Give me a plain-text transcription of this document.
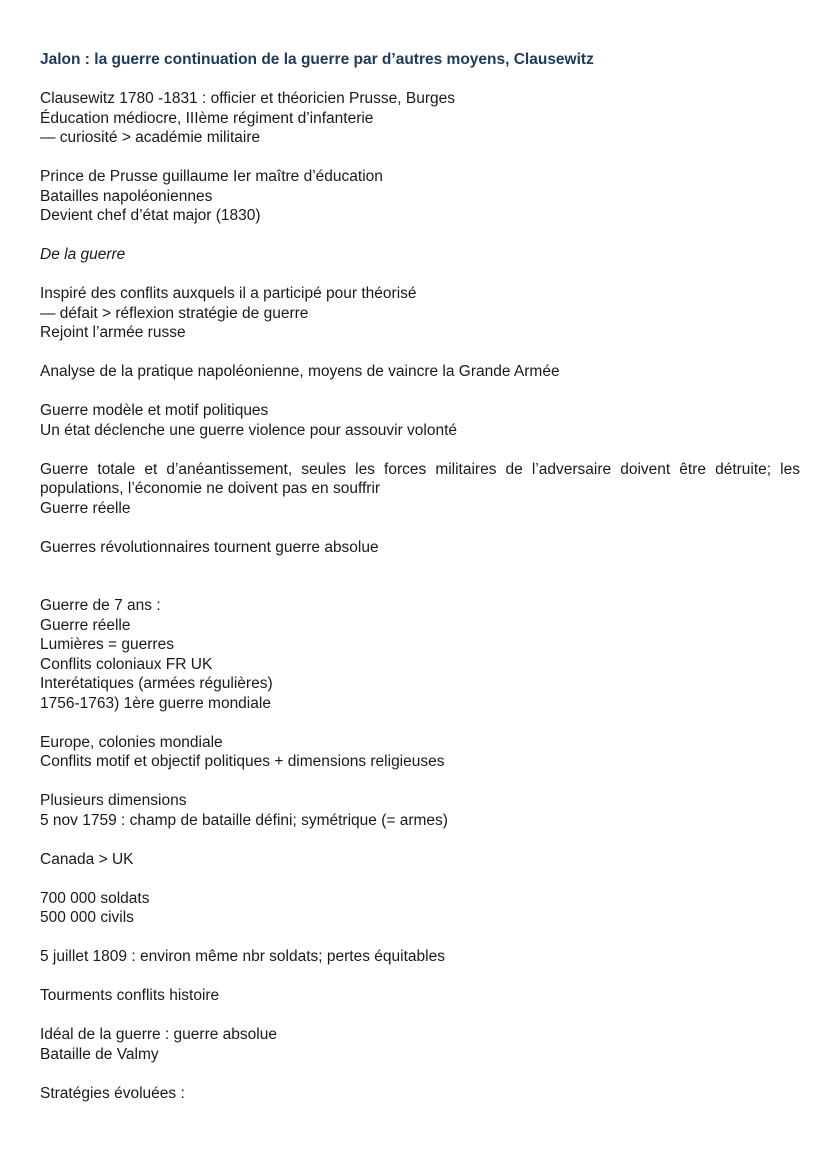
Jalon : la guerre continuation de la guerre par d’autres moyens, Clausewitz
Clausewitz 1780 -1831 : officier et théoricien Prusse, Burges
Éducation médiocre, IIIème régiment d’infanterie
— curiosité > académie militaire
Prince de Prusse guillaume Ier maître d’éducation
Batailles napoléoniennes
Devient chef d’état major (1830)
De la guerre
Inspiré des conflits auxquels il a participé pour théorisé
— défait > réflexion stratégie de guerre
Rejoint l’armée russe
Analyse de la pratique napoléonienne, moyens de vaincre la Grande Armée
Guerre modèle et motif politiques
Un état déclenche une guerre violence pour assouvir volonté
Guerre totale et d’anéantissement, seules les forces militaires de l’adversaire doivent être détruite; les populations, l’économie ne doivent pas en souffrir
Guerre réelle
Guerres révolutionnaires tournent guerre absolue
Guerre de 7 ans :
Guerre réelle
Lumières = guerres
Conflits coloniaux FR UK
Interétatiques (armées régulières)
1756-1763) 1ère guerre mondiale
Europe, colonies mondiale
Conflits motif et objectif politiques + dimensions religieuses
Plusieurs dimensions
5 nov 1759 : champ de bataille défini; symétrique (= armes)
Canada > UK
700 000 soldats
500 000 civils
5 juillet 1809 : environ même nbr soldats; pertes équitables
Tourments conflits histoire
Idéal de la guerre : guerre absolue
Bataille de Valmy
Stratégies évoluées :
